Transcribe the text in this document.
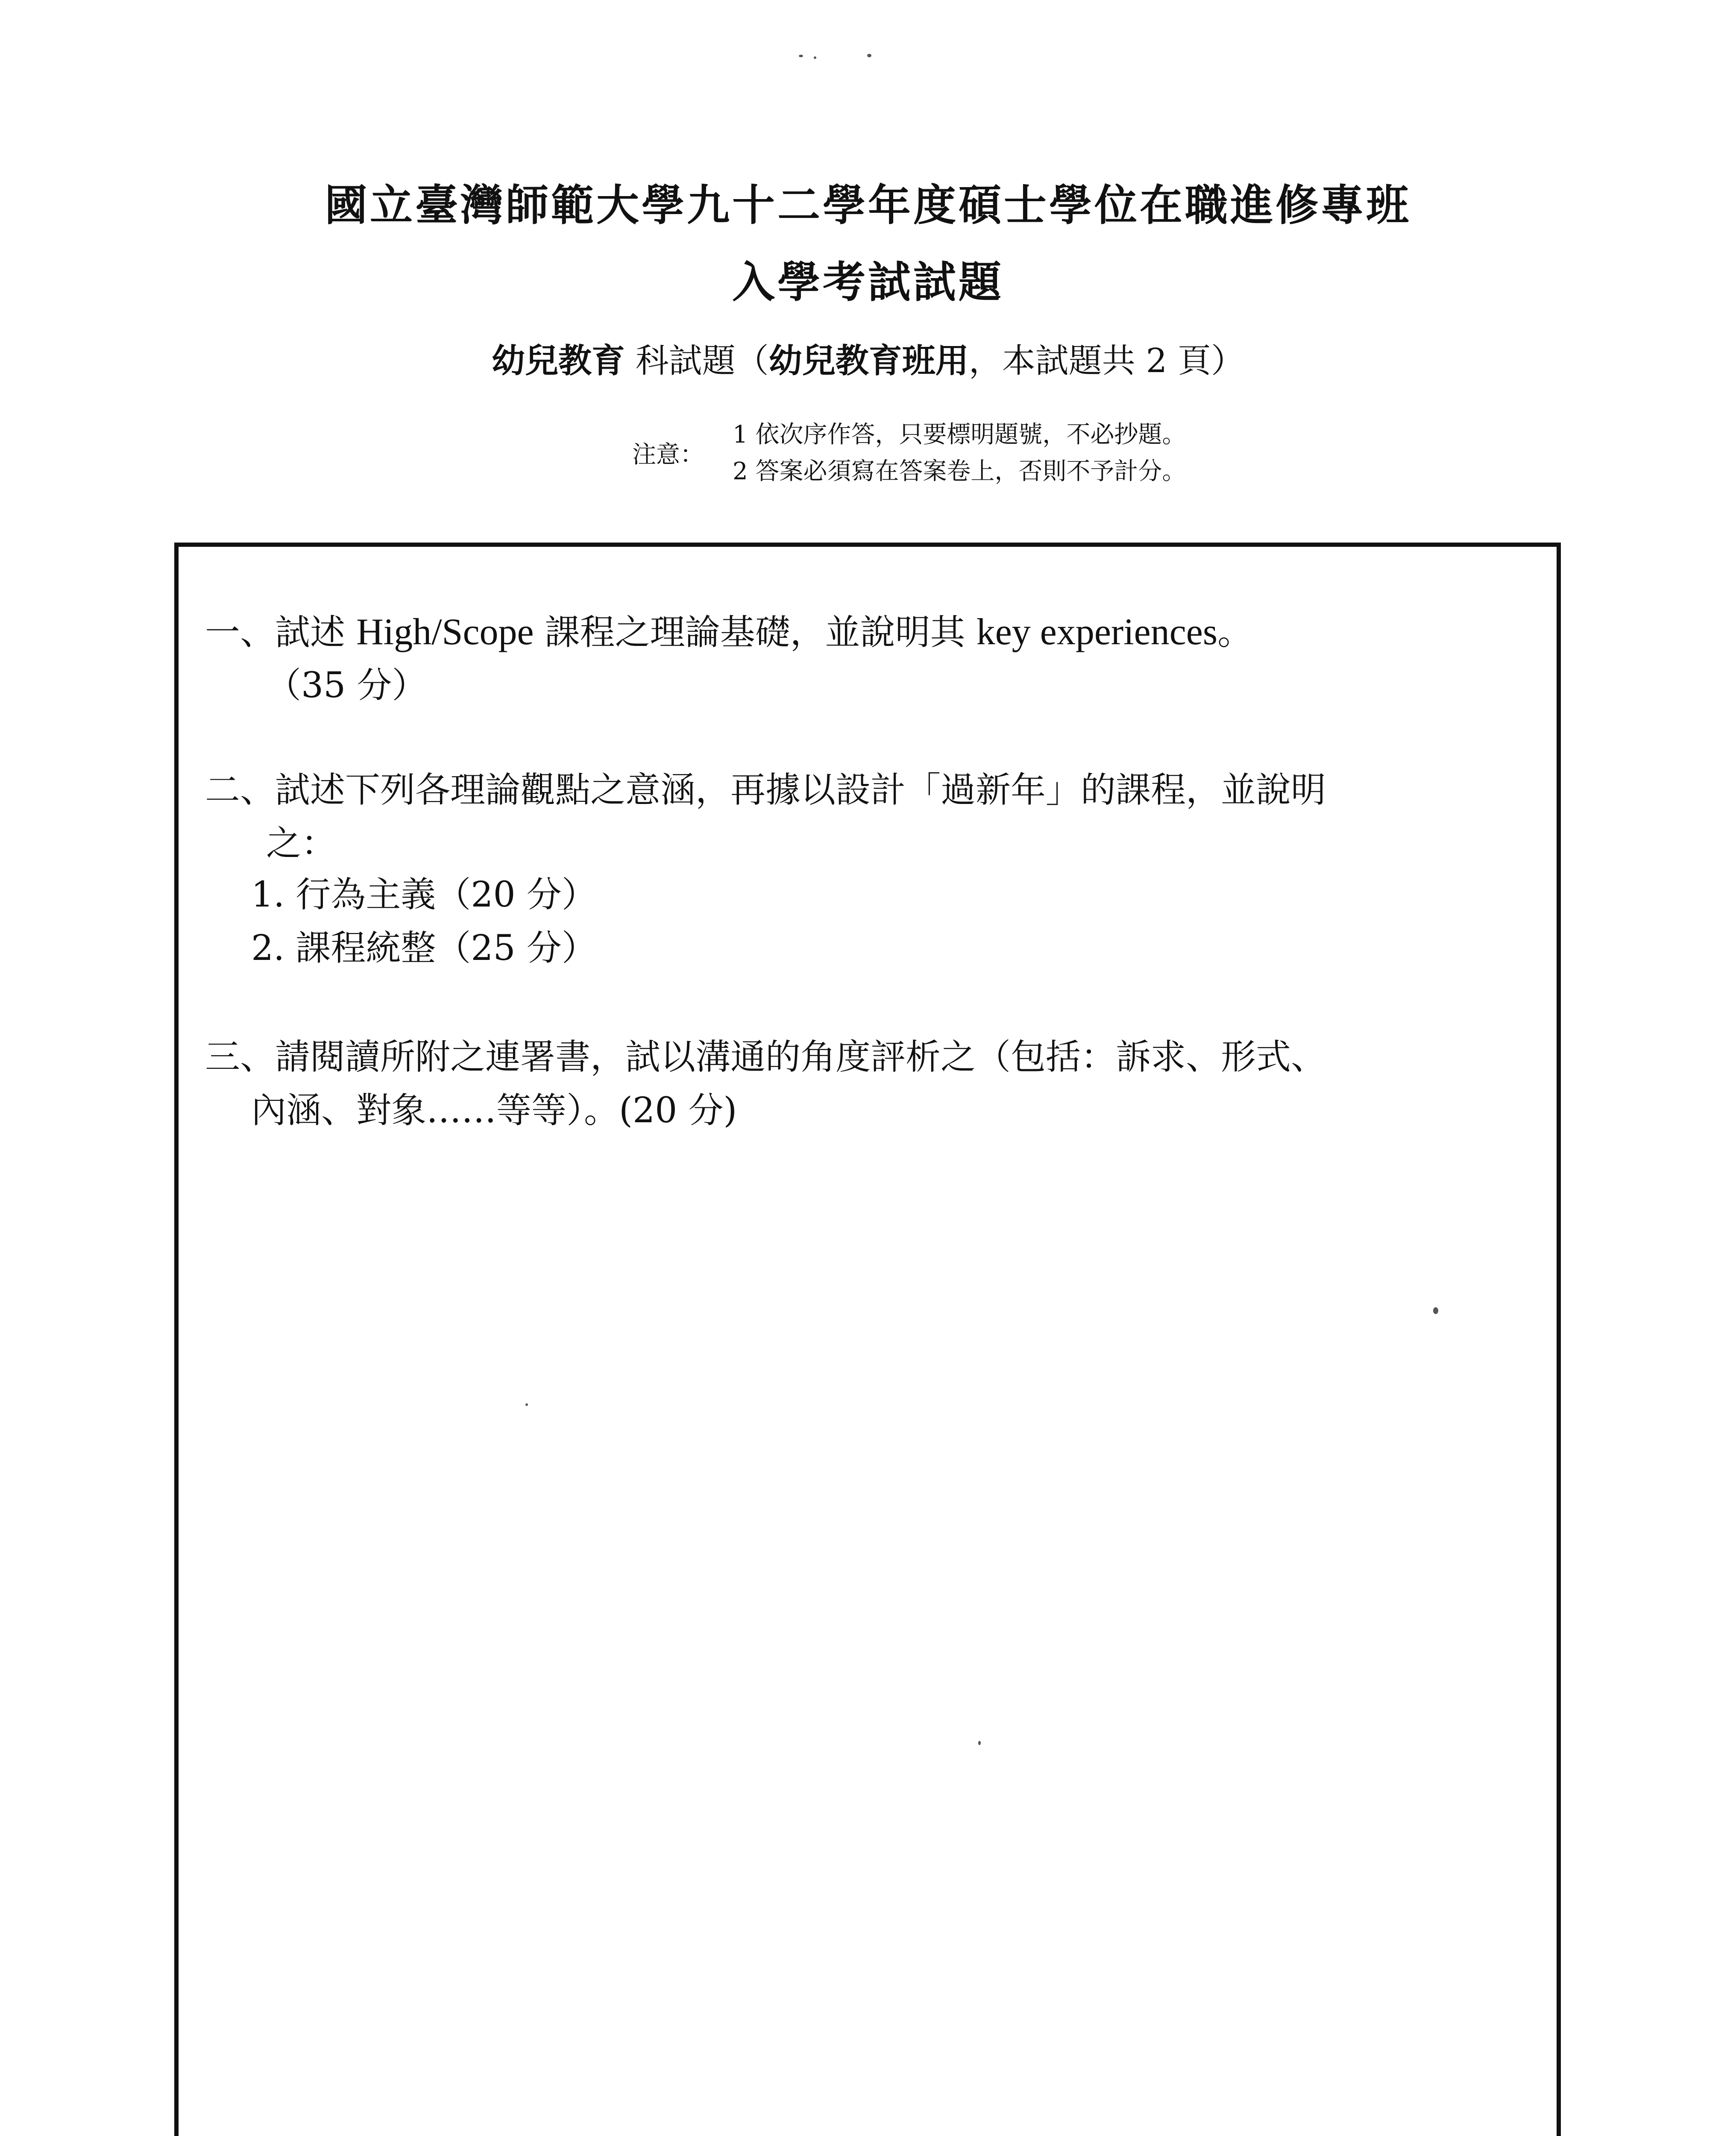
國立臺灣師範大學九十二學年度碩士學位在職進修專班
入學考試試題
幼兒教育 科試題（幼兒教育班用，本試題共 2 頁）
注意：
1 依次序作答，只要標明題號，不必抄題。
2 答案必須寫在答案卷上，否則不予計分。
一、試述 High/Scope 課程之理論基礎，並說明其 key experiences。
（35 分）
二、試述下列各理論觀點之意涵，再據以設計「過新年」的課程，並說明
之：
1. 行為主義（20 分）
2. 課程統整（25 分）
三、請閱讀所附之連署書，試以溝通的角度評析之（包括：訴求、形式、
內涵、對象……等等）。(20 分)
